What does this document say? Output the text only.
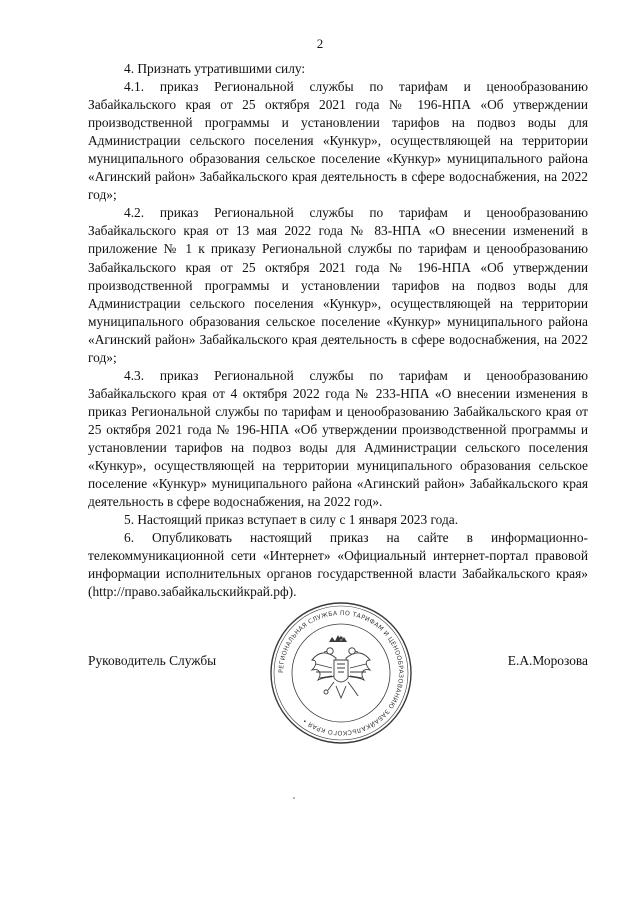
2

4. Признать утратившими силу:

4.1. приказ Региональной службы по тарифам и ценообразованию Забайкальского края от 25 октября 2021 года № 196-НПА «Об утверждении производственной программы и установлении тарифов на подвоз воды для Администрации сельского поселения «Кункур», осуществляющей на территории муниципального образования сельское поселение «Кункур» муниципального района «Агинский район» Забайкальского края деятельность в сфере водоснабжения, на 2022 год»;

4.2. приказ Региональной службы по тарифам и ценообразованию Забайкальского края от 13 мая 2022 года № 83-НПА «О внесении изменений в приложение № 1 к приказу Региональной службы по тарифам и ценообразованию Забайкальского края от 25 октября 2021 года № 196-НПА «Об утверждении производственной программы и установлении тарифов на подвоз воды для Администрации сельского поселения «Кункур», осуществляющей на территории муниципального образования сельское поселение «Кункур» муниципального района «Агинский район» Забайкальского края деятельность в сфере водоснабжения, на 2022 год»;

4.3. приказ Региональной службы по тарифам и ценообразованию Забайкальского края от 4 октября 2022 года № 233-НПА «О внесении изменения в приказ Региональной службы по тарифам и ценообразованию Забайкальского края от 25 октября 2021 года № 196-НПА «Об утверждении производственной программы и установлении тарифов на подвоз воды для Администрации сельского поселения «Кункур», осуществляющей на территории муниципального образования сельское поселение «Кункур» муниципального района «Агинский район» Забайкальского края деятельность в сфере водоснабжения, на 2022 год».

5. Настоящий приказ вступает в силу с 1 января 2023 года.

6. Опубликовать настоящий приказ на сайте в информационно-телекоммуникационной сети «Интернет» «Официальный интернет-портал правовой информации исполнительных органов государственной власти Забайкальского края» (http://право.забайкальскийкрай.рф).

РЕГИОНАЛЬНАЯ СЛУЖБА ПО ТАРИФАМ И ЦЕНООБРАЗОВАНИЮ ЗАБАЙКАЛЬСКОГО КРАЯ •
Руководитель Службы	Е.А.Морозова
